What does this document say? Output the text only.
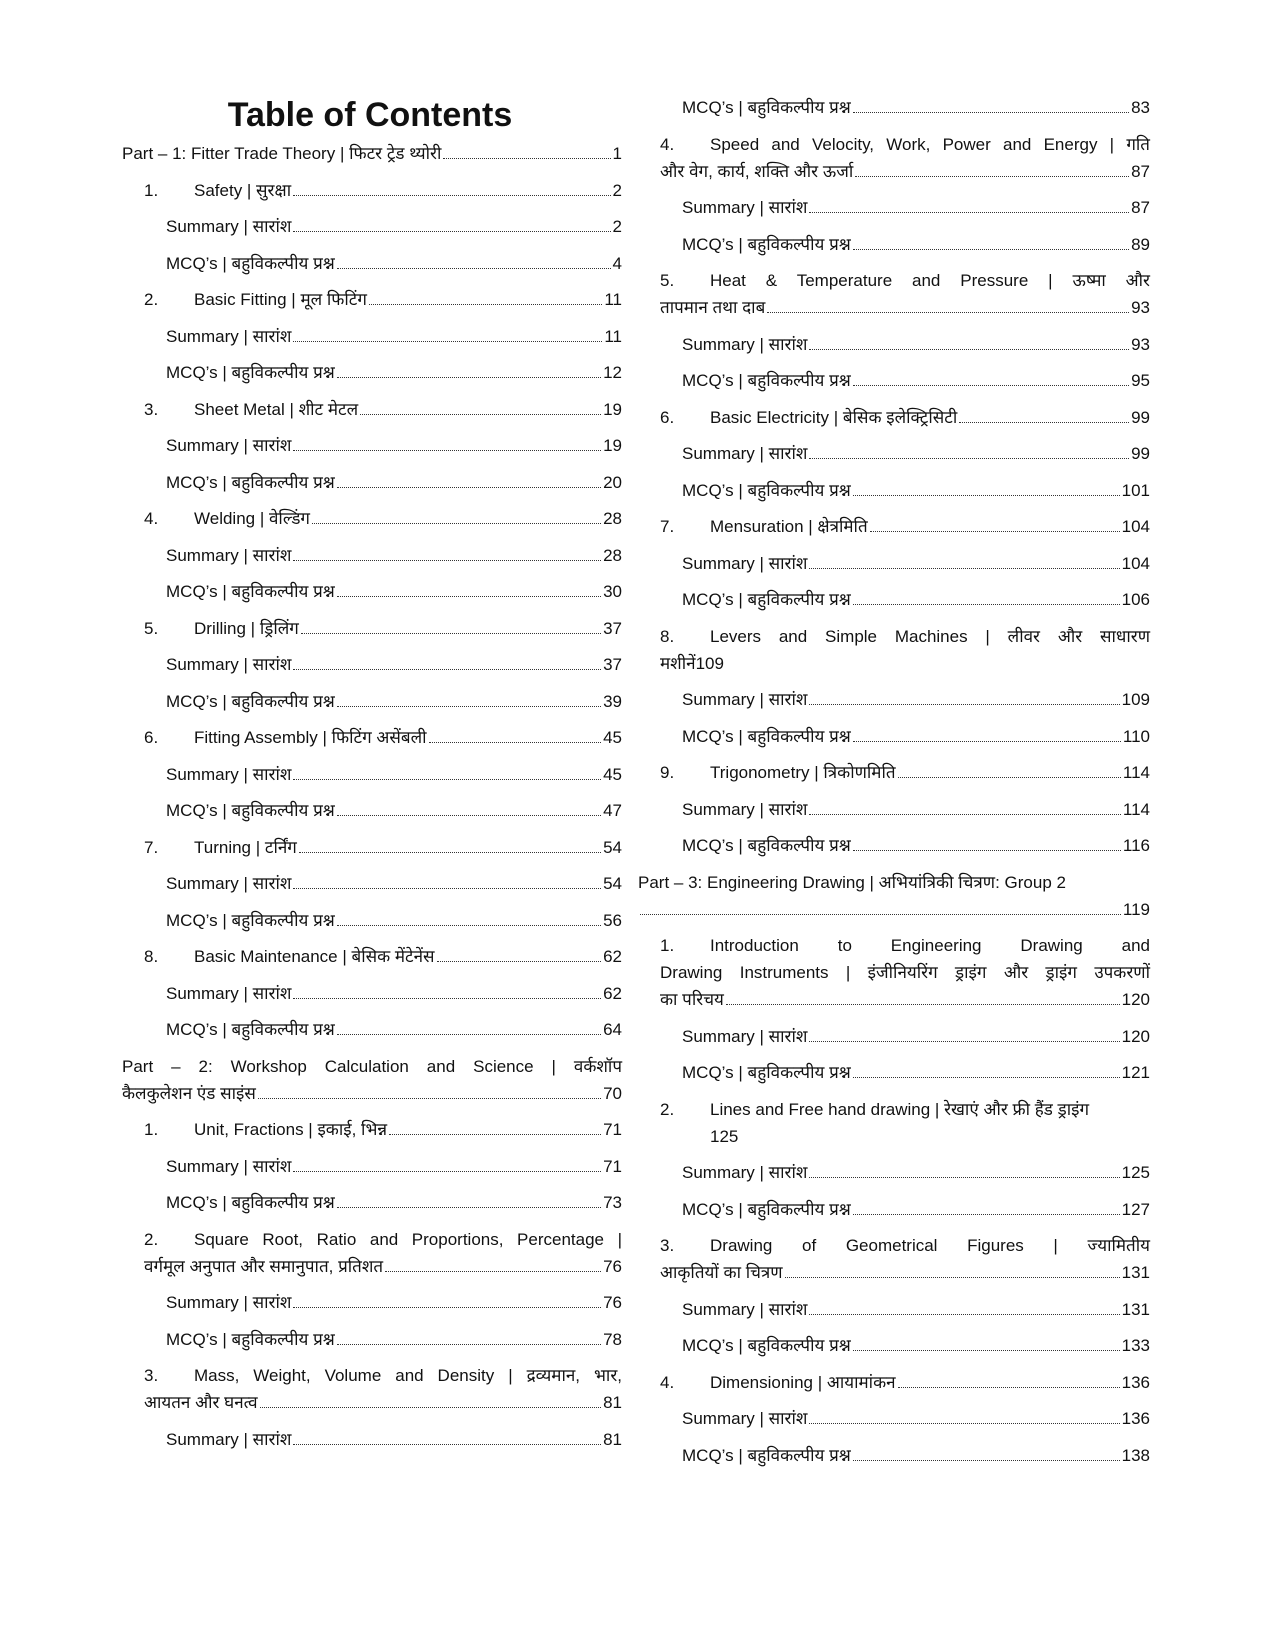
Table of Contents
Part – 1: Fitter Trade Theory | फिटर ट्रेड थ्योरी	1
1.	Safety | सुरक्षा	2
Summary | सारांश	2
MCQ’s | बहुविकल्पीय प्रश्न	4
2.	Basic Fitting | मूल फिटिंग	11
Summary | सारांश	11
MCQ’s | बहुविकल्पीय प्रश्न	12
3.	Sheet Metal | शीट मेटल	19
Summary | सारांश	19
MCQ’s | बहुविकल्पीय प्रश्न	20
4.	Welding | वेल्डिंग	28
Summary | सारांश	28
MCQ’s | बहुविकल्पीय प्रश्न	30
5.	Drilling | ड्रिलिंग	37
Summary | सारांश	37
MCQ’s | बहुविकल्पीय प्रश्न	39
6.	Fitting Assembly | फिटिंग असेंबली	45
Summary | सारांश	45
MCQ’s | बहुविकल्पीय प्रश्न	47
7.	Turning | टर्निंग	54
Summary | सारांश	54
MCQ’s | बहुविकल्पीय प्रश्न	56
8.	Basic Maintenance | बेसिक मेंटेनेंस	62
Summary | सारांश	62
MCQ’s | बहुविकल्पीय प्रश्न	64
Part – 2: Workshop Calculation and Science | वर्कशॉप
कैलकुलेशन एंड साइंस	70
1.	Unit, Fractions | इकाई, भिन्न	71
Summary | सारांश	71
MCQ’s | बहुविकल्पीय प्रश्न	73
2. Square Root, Ratio and Proportions, Percentage |
वर्गमूल अनुपात और समानुपात, प्रतिशत	76
Summary | सारांश	76
MCQ’s | बहुविकल्पीय प्रश्न	78
3. Mass, Weight, Volume and Density | द्रव्यमान, भार,
आयतन और घनत्व	81
Summary | सारांश	81
MCQ’s | बहुविकल्पीय प्रश्न	83
4. Speed and Velocity, Work, Power and Energy | गति
और वेग, कार्य, शक्ति और ऊर्जा	87
Summary | सारांश	87
MCQ’s | बहुविकल्पीय प्रश्न	89
5. Heat & Temperature and Pressure | ऊष्मा और
तापमान तथा दाब	93
Summary | सारांश	93
MCQ’s | बहुविकल्पीय प्रश्न	95
6.	Basic Electricity | बेसिक इलेक्ट्रिसिटी	99
Summary | सारांश	99
MCQ’s | बहुविकल्पीय प्रश्न	101
7.	Mensuration | क्षेत्रमिति	104
Summary | सारांश	104
MCQ’s | बहुविकल्पीय प्रश्न	106
8. Levers and Simple Machines | लीवर और साधारण
मशीनें109
Summary | सारांश	109
MCQ’s | बहुविकल्पीय प्रश्न	110
9.	Trigonometry | त्रिकोणमिति	114
Summary | सारांश	114
MCQ’s | बहुविकल्पीय प्रश्न	116
Part – 3: Engineering Drawing | अभियांत्रिकी चित्रण: Group 2
119
1. Introduction to Engineering Drawing and
Drawing Instruments | इंजीनियरिंग ड्राइंग और ड्राइंग उपकरणों
का परिचय	120
Summary | सारांश	120
MCQ’s | बहुविकल्पीय प्रश्न	121
2. Lines and Free hand drawing | रेखाएं और फ्री हैंड ड्राइंग
125
Summary | सारांश	125
MCQ’s | बहुविकल्पीय प्रश्न	127
3. Drawing of Geometrical Figures | ज्यामितीय
आकृतियों का चित्रण	131
Summary | सारांश	131
MCQ’s | बहुविकल्पीय प्रश्न	133
4.	Dimensioning | आयामांकन	136
Summary | सारांश	136
MCQ’s | बहुविकल्पीय प्रश्न	138
